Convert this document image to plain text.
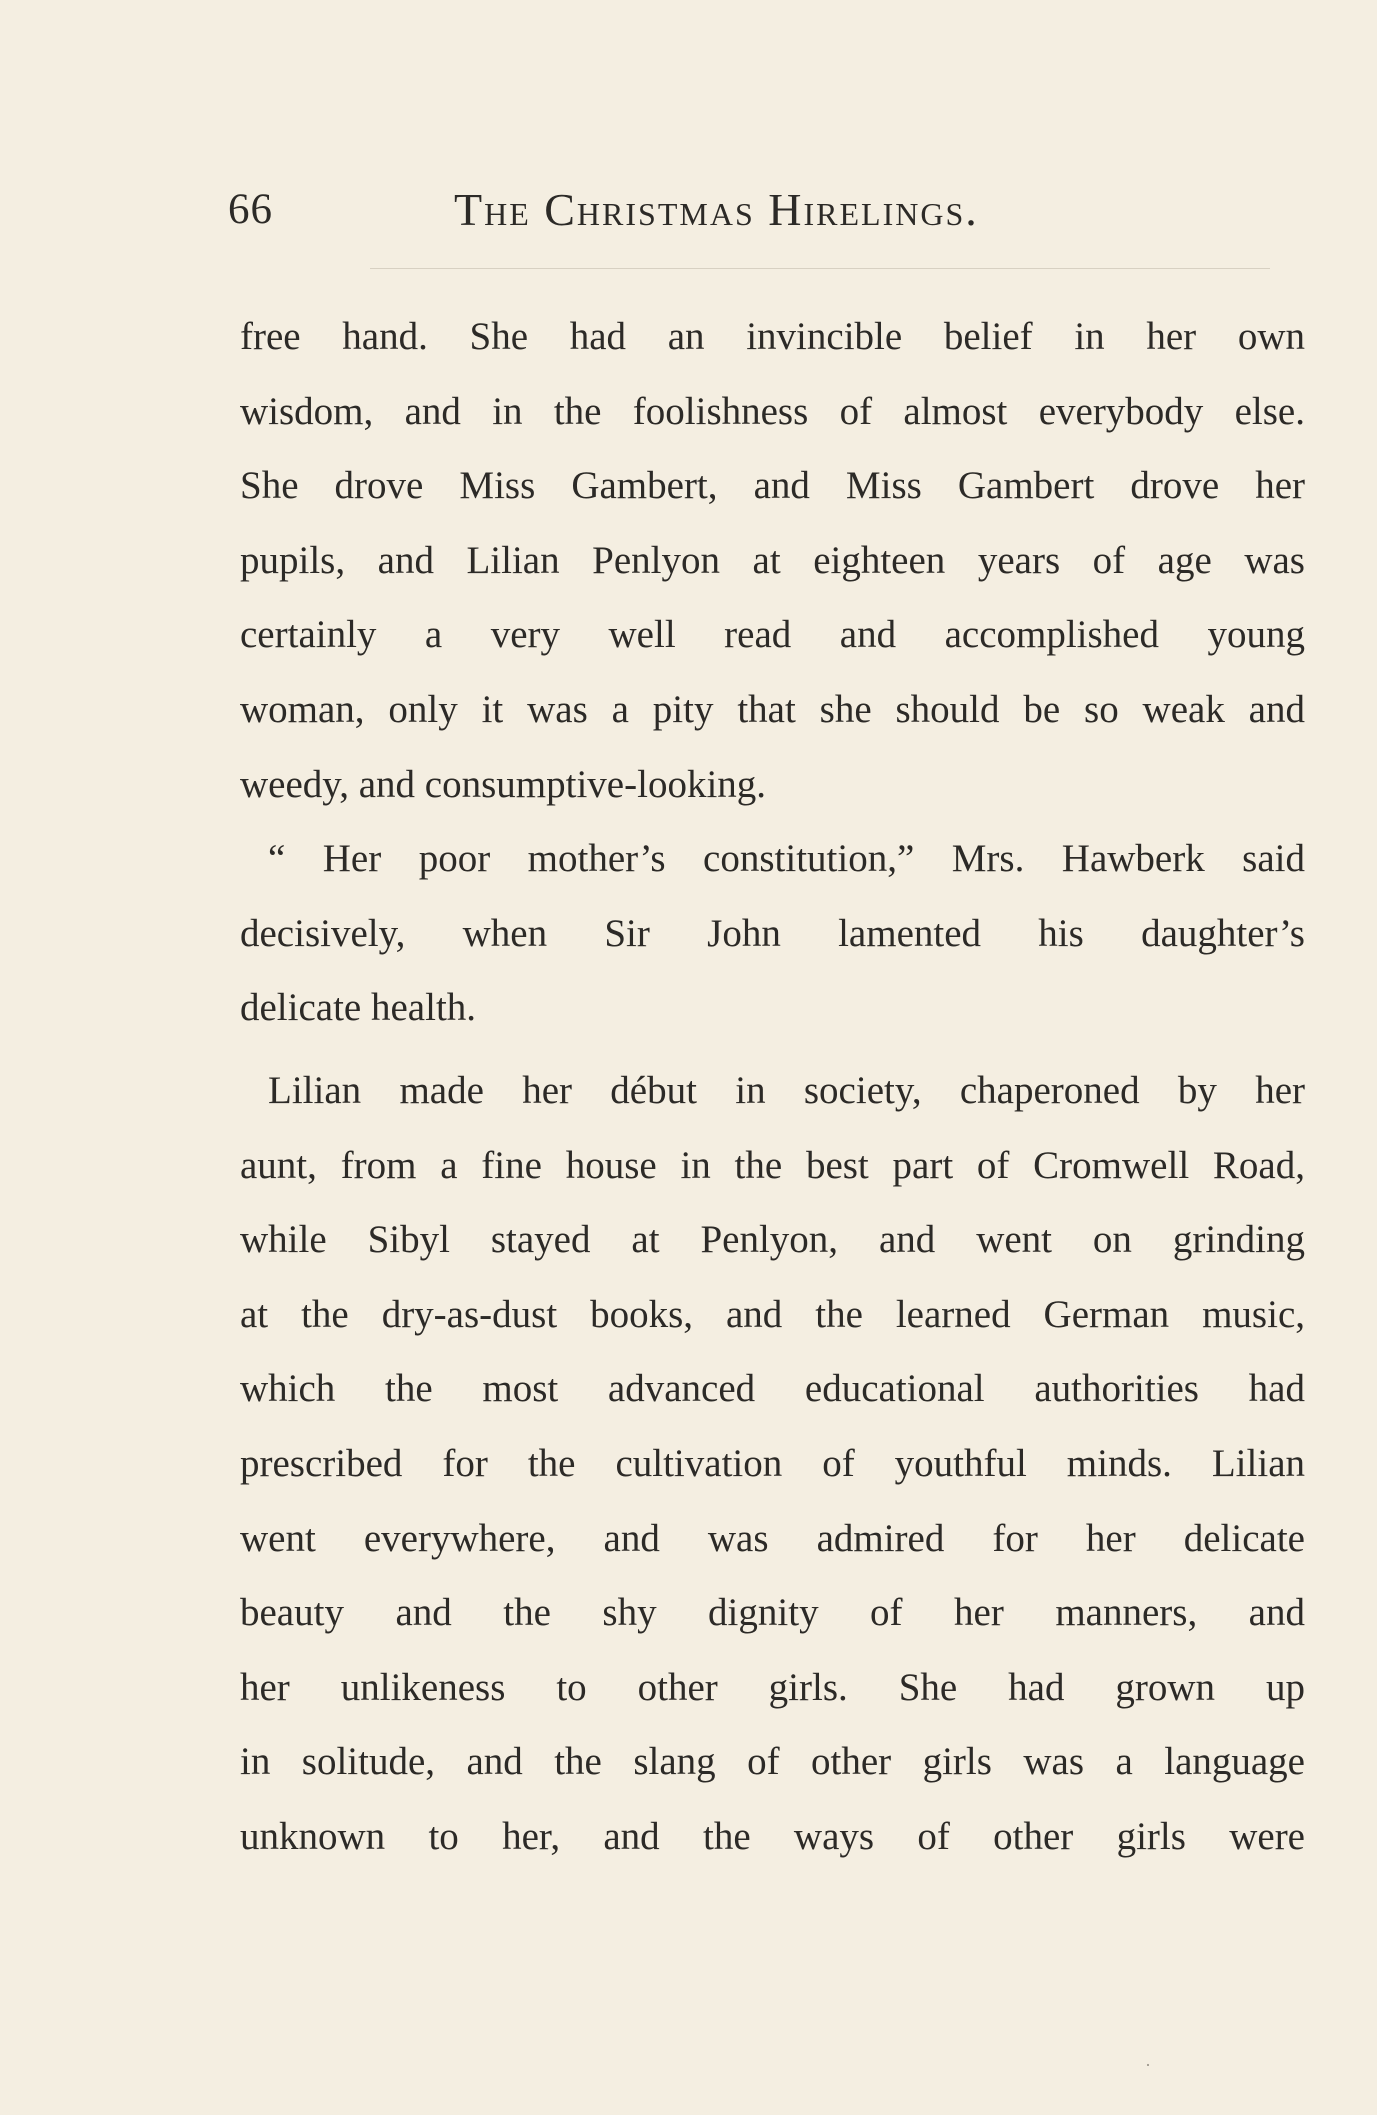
66	The Christmas Hirelings.
free hand. She had an invincible belief in her own
wisdom, and in the foolishness of almost everybody else.
She drove Miss Gambert, and Miss Gambert drove her
pupils, and Lilian Penlyon at eighteen years of age was
certainly a very well read and accomplished young
woman, only it was a pity that she should be so weak and
weedy, and consumptive-looking.
“ Her poor mother’s constitution,” Mrs. Hawberk said
decisively, when Sir John lamented his daughter’s
delicate health.
Lilian made her début in society, chaperoned by her
aunt, from a fine house in the best part of Cromwell Road,
while Sibyl stayed at Penlyon, and went on grinding
at the dry-as-dust books, and the learned German music,
which the most advanced educational authorities had
prescribed for the cultivation of youthful minds. Lilian
went everywhere, and was admired for her delicate
beauty and the shy dignity of her manners, and
her unlikeness to other girls. She had grown up
in solitude, and the slang of other girls was a language
unknown to her, and the ways of other girls were
·
